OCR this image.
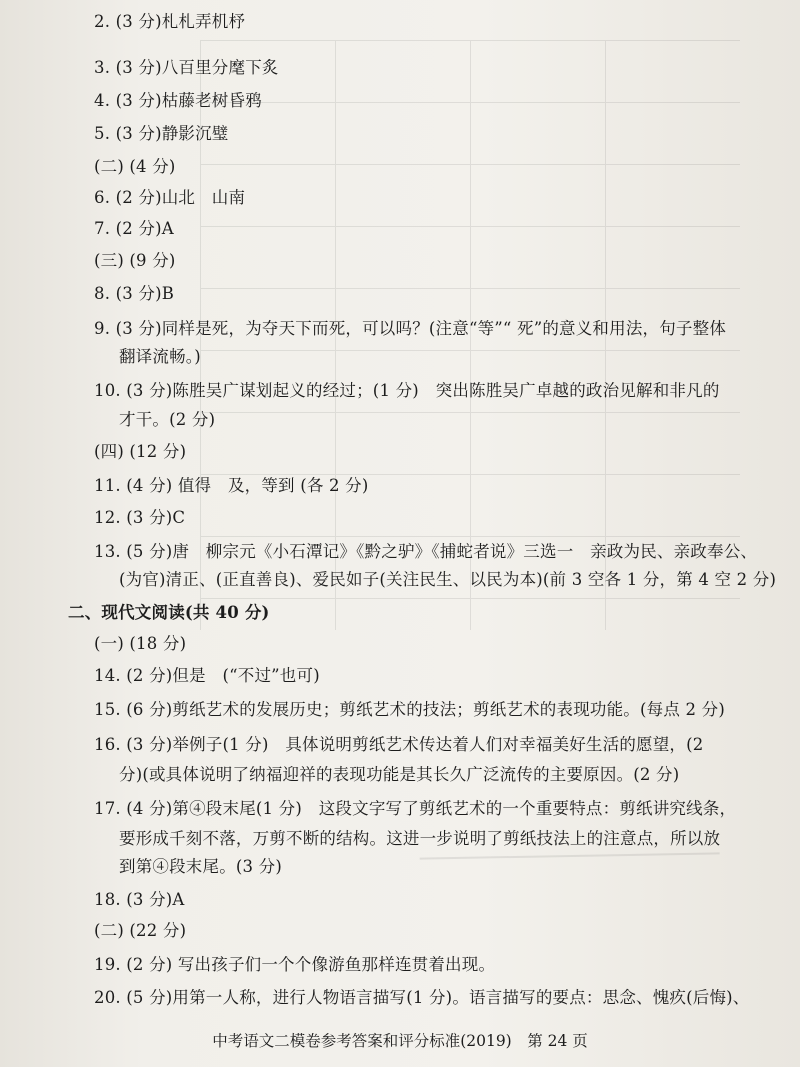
2. (3 分)札札弄机杼
3. (3 分)八百里分麾下炙
4. (3 分)枯藤老树昏鸦
5. (3 分)静影沉璧
(二) (4 分)
6. (2 分)山北　山南
7. (2 分)A
(三) (9 分)
8. (3 分)B
9. (3 分)同样是死，为夺天下而死，可以吗？(注意“等”“ 死”的意义和用法，句子整体
翻译流畅。)
10. (3 分)陈胜吴广谋划起义的经过；(1 分)　突出陈胜吴广卓越的政治见解和非凡的
才干。(2 分)
(四) (12 分)
11. (4 分) 值得　及，等到 (各 2 分)
12. (3 分)C
13. (5 分)唐　柳宗元《小石潭记》《黔之驴》《捕蛇者说》三选一　亲政为民、亲政奉公、
(为官)清正、(正直善良)、爱民如子(关注民生、以民为本)(前 3 空各 1 分，第 4 空 2 分)
二、现代文阅读(共 40 分)
(一) (18 分)
14. (2 分)但是　(“不过”也可)
15. (6 分)剪纸艺术的发展历史；剪纸艺术的技法；剪纸艺术的表现功能。(每点 2 分)
16. (3 分)举例子(1 分)　具体说明剪纸艺术传达着人们对幸福美好生活的愿望，(2
分)(或具体说明了纳福迎祥的表现功能是其长久广泛流传的主要原因。(2 分)
17. (4 分)第④段末尾(1 分)　这段文字写了剪纸艺术的一个重要特点：剪纸讲究线条，
要形成千刻不落，万剪不断的结构。这进一步说明了剪纸技法上的注意点，所以放
到第④段末尾。(3 分)
18. (3 分)A
(二) (22 分)
19. (2 分) 写出孩子们一个个像游鱼那样连贯着出现。
20. (5 分)用第一人称，进行人物语言描写(1 分)。语言描写的要点：思念、愧疚(后悔)、
中考语文二模卷参考答案和评分标准(2019)　第 24 页
